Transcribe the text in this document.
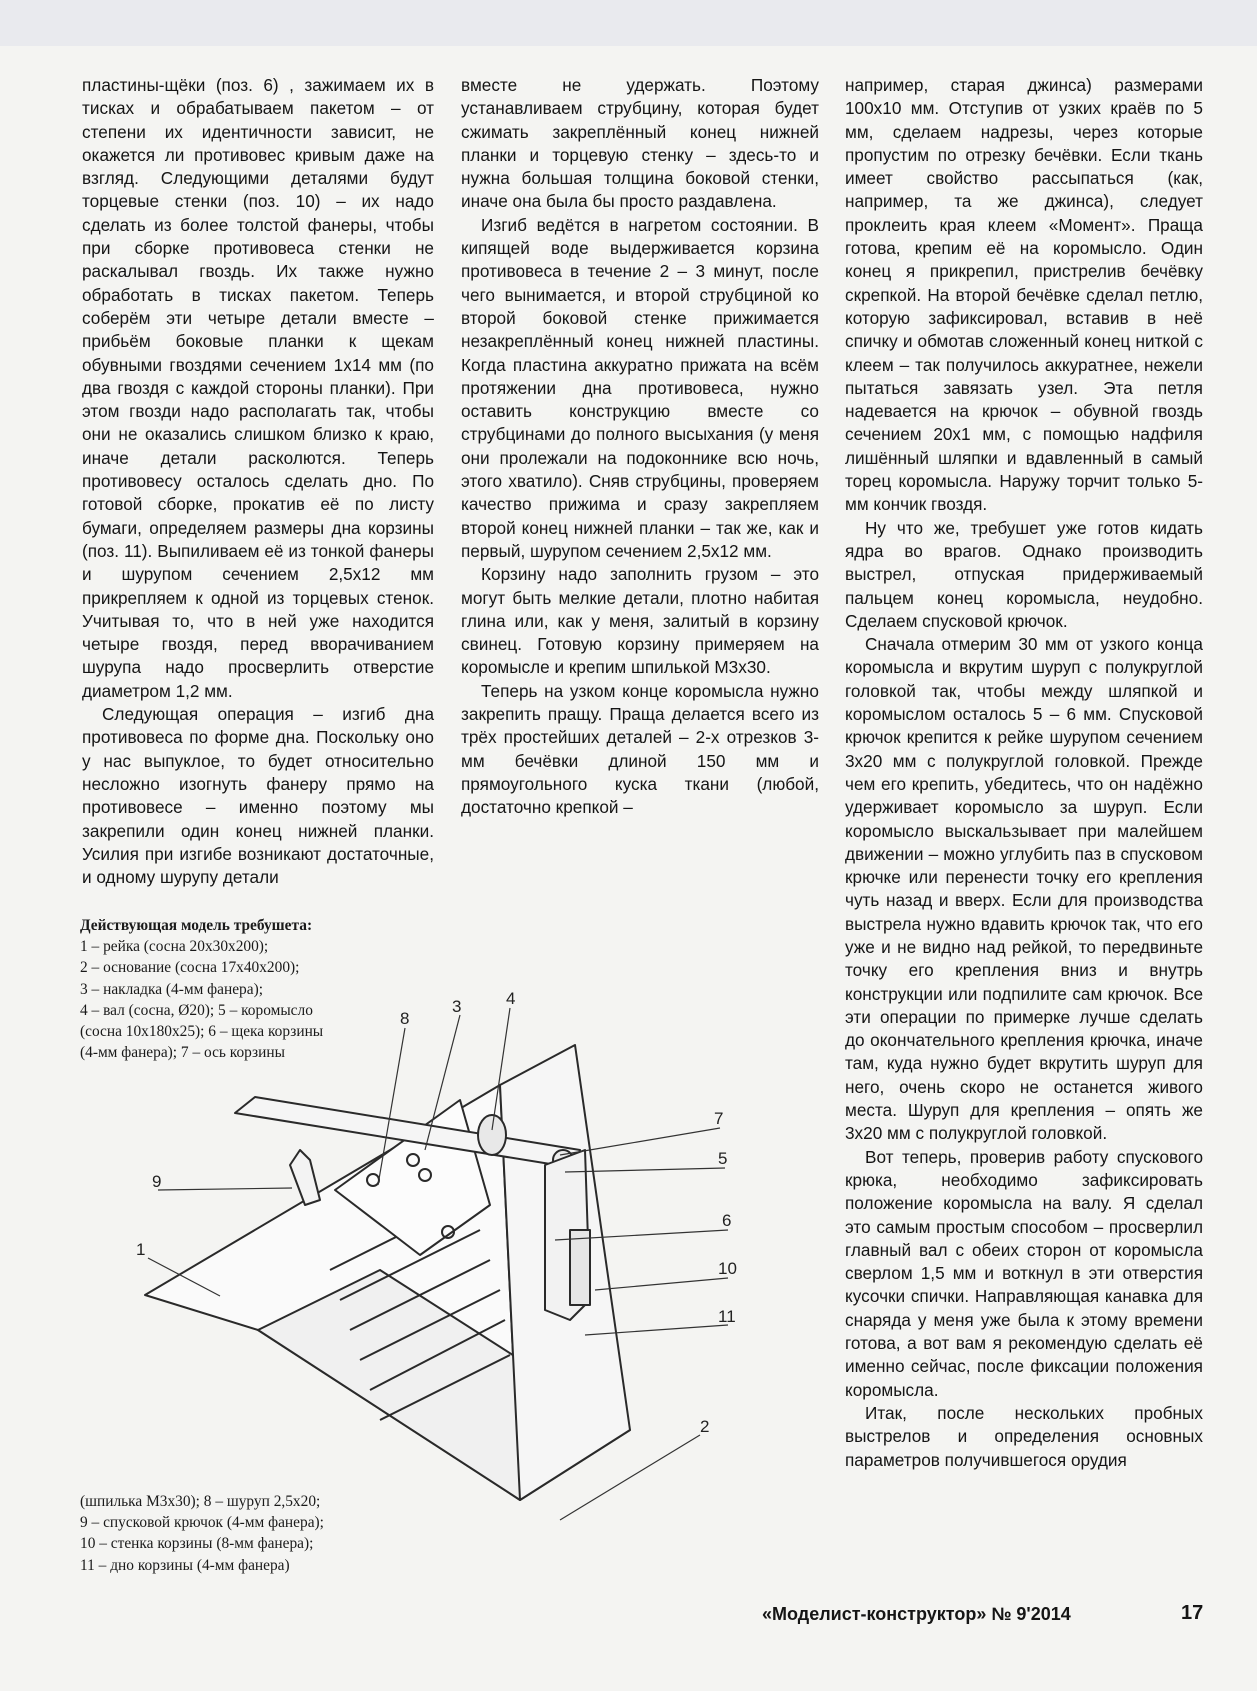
пластины-щёки (поз. 6) , зажимаем их в тисках и обрабатываем пакетом – от степени их идентичности зависит, не окажется ли противовес кривым даже на взгляд. Следующими деталями будут торцевые стенки (поз. 10) – их надо сделать из более толстой фанеры, чтобы при сборке противовеса стенки не раскалывал гвоздь. Их также нужно обработать в тисках пакетом. Теперь соберём эти четыре детали вместе – прибьём боковые планки к щекам обувными гвоздями сечением 1х14 мм (по два гвоздя с каждой стороны планки). При этом гвозди надо располагать так, чтобы они не оказались слишком близко к краю, иначе детали расколются. Теперь противовесу осталось сделать дно. По готовой сборке, прокатив её по листу бумаги, определяем размеры дна корзины (поз. 11). Выпиливаем её из тонкой фанеры и шурупом сечением 2,5х12 мм прикрепляем к одной из торцевых стенок. Учитывая то, что в ней уже находится четыре гвоздя, перед вворачиванием шурупа надо просверлить отверстие диаметром 1,2 мм.

Следующая операция – изгиб дна противовеса по форме дна. Поскольку оно у нас выпуклое, то будет относительно несложно изогнуть фанеру прямо на противовесе – именно поэтому мы закрепили один конец нижней планки. Усилия при изгибе возникают достаточные, и одному шурупу детали

вместе не удержать. Поэтому устанавливаем струбцину, которая будет сжимать закреплённый конец нижней планки и торцевую стенку – здесь-то и нужна большая толщина боковой стенки, иначе она была бы просто раздавлена.

Изгиб ведётся в нагретом состоянии. В кипящей воде выдерживается корзина противовеса в течение 2 – 3 минут, после чего вынимается, и второй струбциной ко второй боковой стенке прижимается незакреплённый конец нижней пластины. Когда пластина аккуратно прижата на всём протяжении дна противовеса, нужно оставить конструкцию вместе со струбцинами до полного высыхания (у меня они пролежали на подоконнике всю ночь, этого хватило). Сняв струбцины, проверяем качество прижима и сразу закрепляем второй конец нижней планки – так же, как и первый, шурупом сечением 2,5х12 мм.

Корзину надо заполнить грузом – это могут быть мелкие детали, плотно набитая глина или, как у меня, залитый в корзину свинец. Готовую корзину примеряем на коромысле и крепим шпилькой М3х30.

Теперь на узком конце коромысла нужно закрепить пращу. Праща делается всего из трёх простейших деталей – 2-х отрезков 3-мм бечёвки длиной 150 мм и прямоугольного куска ткани (любой, достаточно крепкой –

например, старая джинса) размерами 100х10 мм. Отступив от узких краёв по 5 мм, сделаем надрезы, через которые пропустим по отрезку бечёвки. Если ткань имеет свойство рассыпаться (как, например, та же джинса), следует проклеить края клеем «Момент». Праща готова, крепим её на коромысло. Один конец я прикрепил, пристрелив бечёвку скрепкой. На второй бечёвке сделал петлю, которую зафиксировал, вставив в неё спичку и обмотав сложенный конец ниткой с клеем – так получилось аккуратнее, нежели пытаться завязать узел. Эта петля надевается на крючок – обувной гвоздь сечением 20х1 мм, с помощью надфиля лишённый шляпки и вдавленный в самый торец коромысла. Наружу торчит только 5-мм кончик гвоздя.

Ну что же, требушет уже готов кидать ядра во врагов. Однако производить выстрел, отпуская придерживаемый пальцем конец коромысла, неудобно. Сделаем спусковой крючок.

Сначала отмерим 30 мм от узкого конца коромысла и вкрутим шуруп с полукруглой головкой так, чтобы между шляпкой и коромыслом осталось 5 – 6 мм. Спусковой крючок крепится к рейке шурупом сечением 3х20 мм с полукруглой головкой. Прежде чем его крепить, убедитесь, что он надёжно удерживает коромысло за шуруп. Если коромысло выскальзывает при малейшем движении – можно углубить паз в спусковом крючке или перенести точку его крепления чуть назад и вверх. Если для производства выстрела нужно вдавить крючок так, что его уже и не видно над рейкой, то передвиньте точку его крепления вниз и внутрь конструкции или подпилите сам крючок. Все эти операции по примерке лучше сделать до окончательного крепления крючка, иначе там, куда нужно будет вкрутить шуруп для него, очень скоро не останется живого места. Шуруп для крепления – опять же 3х20 мм с полукруглой головкой.

Вот теперь, проверив работу спускового крюка, необходимо зафиксировать положение коромысла на валу. Я сделал это самым простым способом – просверлил главный вал с обеих сторон от коромысла сверлом 1,5 мм и воткнул в эти отверстия кусочки спички. Направляющая канавка для снаряда у меня уже была к этому времени готова, а вот вам я рекомендую сделать её именно сейчас, после фиксации положения коромысла.

Итак, после нескольких пробных выстрелов и определения основных параметров получившегося орудия

Действующая модель требушета:
1 – рейка (сосна 20х30х200);
2 – основание (сосна 17х40х200);
3 – накладка (4-мм фанера);
4 – вал (сосна, Ø20); 5 – коромысло
(сосна 10х180х25); 6 – щека корзины
(4-мм фанера); 7 – ось корзины
1
2
3	4
5
6
7
8
9
10
11
(шпилька М3х30); 8 – шуруп 2,5х20;
9 – спусковой крючок (4-мм фанера);
10 – стенка корзины (8-мм фанера);
11 – дно корзины (4-мм фанера)
«Моделист-конструктор» № 9'2014	17
